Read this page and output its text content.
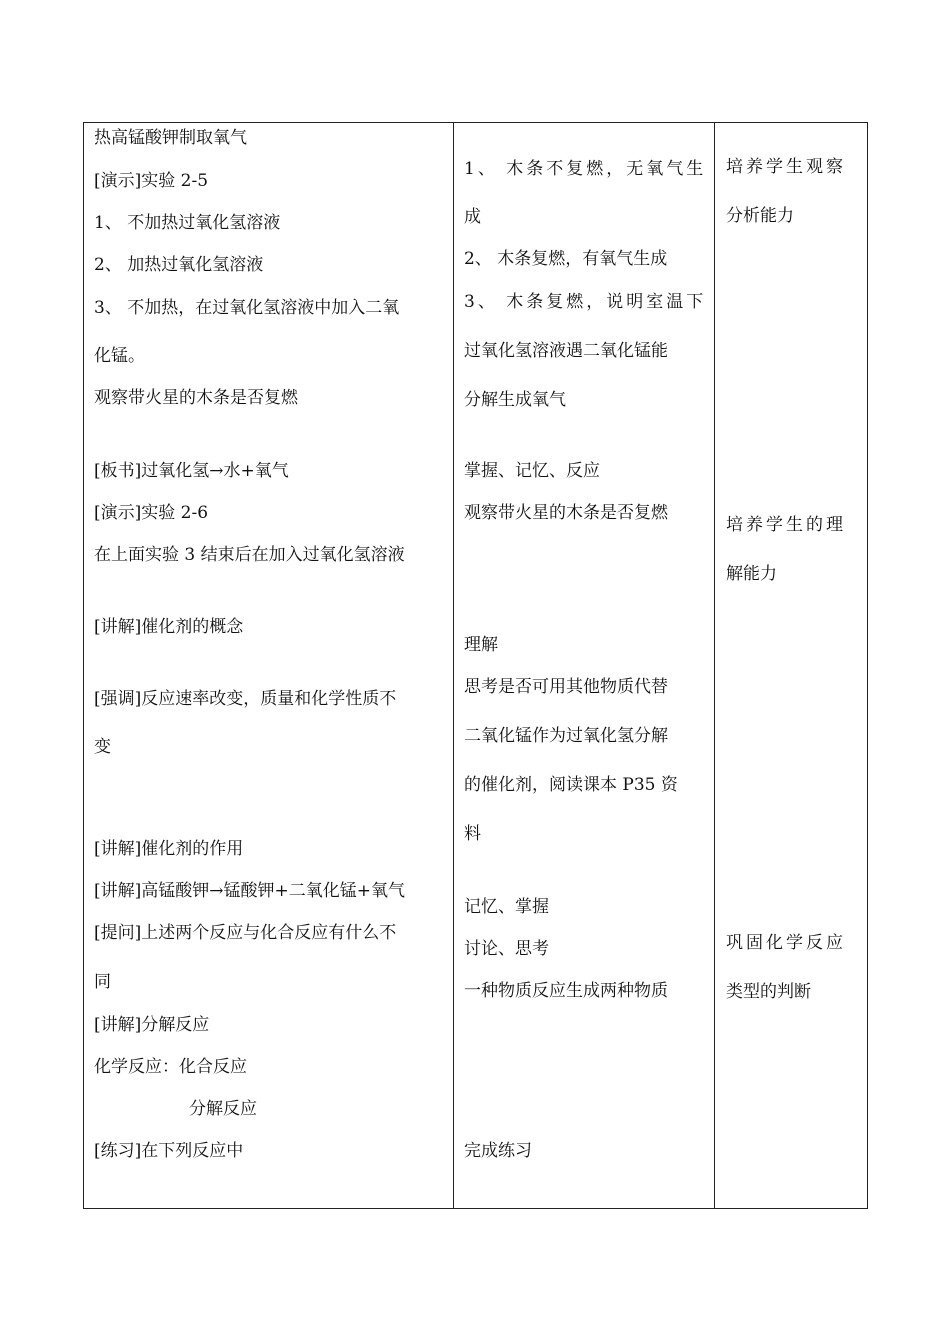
热高锰酸钾制取氧气
[演示]实验 2-5
1、 不加热过氧化氢溶液
2、 加热过氧化氢溶液
3、 不加热，在过氧化氢溶液中加入二氧
化锰。
观察带火星的木条是否复燃
[板书]过氧化氢→水+氧气
[演示]实验 2-6
在上面实验 3 结束后在加入过氧化氢溶液
[讲解]催化剂的概念
[强调]反应速率改变，质量和化学性质不
变
[讲解]催化剂的作用
[讲解]高锰酸钾→锰酸钾+二氧化锰+氧气
[提问]上述两个反应与化合反应有什么不
同
[讲解]分解反应
化学反应：化合反应
分解反应
[练习]在下列反应中
1、 木条不复燃，无氧气生
成
2、 木条复燃，有氧气生成
3、 木条复燃，说明室温下
过氧化氢溶液遇二氧化锰能
分解生成氧气
掌握、记忆、反应
观察带火星的木条是否复燃
理解
思考是否可用其他物质代替
二氧化锰作为过氧化氢分解
的催化剂，阅读课本 P35 资
料
记忆、掌握
讨论、思考
一种物质反应生成两种物质
完成练习
培养学生观察
分析能力
培养学生的理
解能力
巩固化学反应
类型的判断
